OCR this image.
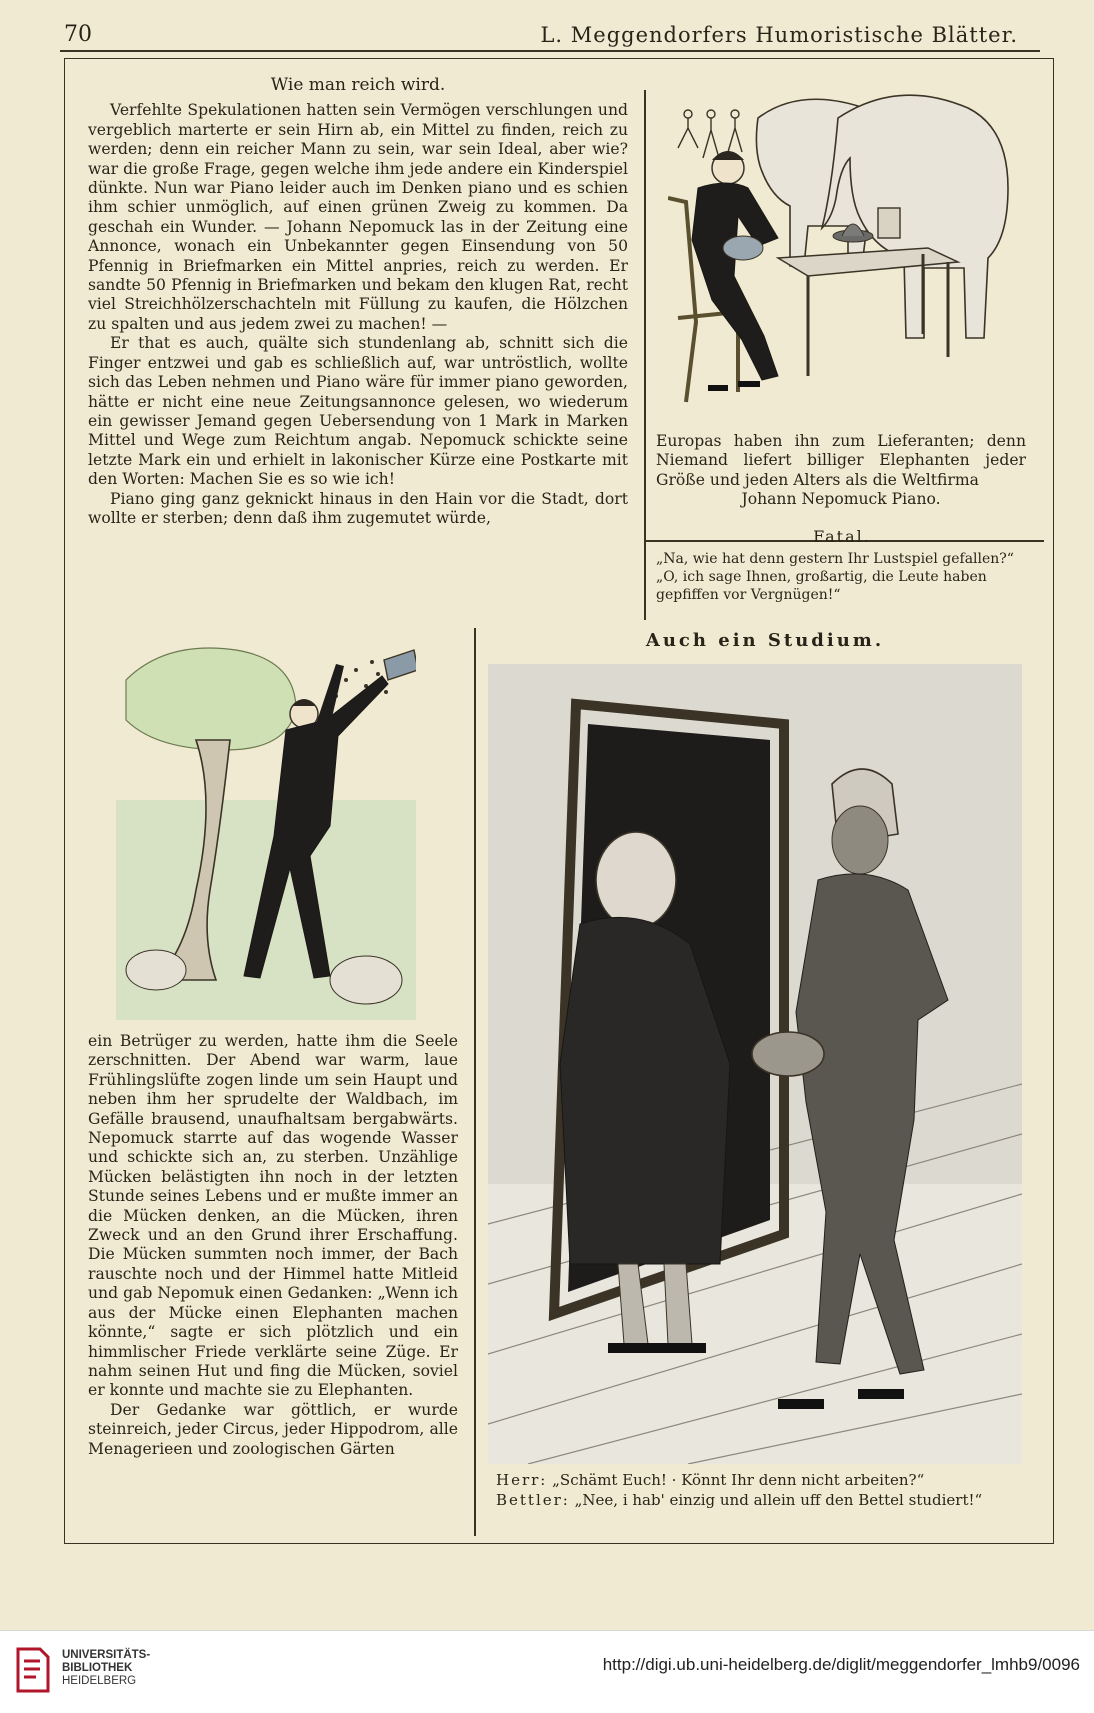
70	L. Meggendorfers Humoristische Blätter.
Wie man reich wird.

Verfehlte Spekulationen hatten sein Vermögen verschlungen und vergeblich marterte er sein Hirn ab, ein Mittel zu finden, reich zu werden; denn ein reicher Mann zu sein, war sein Ideal, aber wie? war die große Frage, gegen welche ihm jede andere ein Kinderspiel dünkte. Nun war Piano leider auch im Denken piano und es schien ihm schier unmöglich, auf einen grünen Zweig zu kommen. Da geschah ein Wunder. — Johann Nepomuck las in der Zeitung eine Annonce, wonach ein Unbekannter gegen Einsendung von 50 Pfennig in Briefmarken ein Mittel anpries, reich zu werden. Er sandte 50 Pfennig in Briefmarken und bekam den klugen Rat, recht viel Streichhölzerschachteln mit Füllung zu kaufen, die Hölzchen zu spalten und aus jedem zwei zu machen! —

Er that es auch, quälte sich stundenlang ab, schnitt sich die Finger entzwei und gab es schließlich auf, war untröstlich, wollte sich das Leben nehmen und Piano wäre für immer piano geworden, hätte er nicht eine neue Zeitungsannonce gelesen, wo wiederum ein gewisser Jemand gegen Uebersendung von 1 Mark in Marken Mittel und Wege zum Reichtum angab. Nepomuck schickte seine letzte Mark ein und erhielt in lakonischer Kürze eine Postkarte mit den Worten: Machen Sie es so wie ich!

Piano ging ganz geknickt hinaus in den Hain vor die Stadt, dort wollte er sterben; denn daß ihm zugemutet würde,

Europas haben ihn zum Lieferanten; denn Niemand liefert billiger Elephanten jeder Größe und jeden Alters als die Weltfirma

Johann Nepomuck Piano.
Fatal.
„Na, wie hat denn gestern Ihr Lustspiel gefallen?“
„O, ich sage Ihnen, großartig, die Leute haben gepfiffen vor Vergnügen!“
Auch ein Studium.

ein Betrüger zu werden, hatte ihm die Seele zerschnitten. Der Abend war warm, laue Frühlingslüfte zogen linde um sein Haupt und neben ihm her sprudelte der Waldbach, im Gefälle brausend, unaufhaltsam bergabwärts. Nepomuck starrte auf das wogende Wasser und schickte sich an, zu sterben. Unzählige Mücken belästigten ihn noch in der letzten Stunde seines Lebens und er mußte immer an die Mücken denken, an die Mücken, ihren Zweck und an den Grund ihrer Erschaffung. Die Mücken summten noch immer, der Bach rauschte noch und der Himmel hatte Mitleid und gab Nepomuk einen Gedanken: „Wenn ich aus der Mücke einen Elephanten machen könnte,“ sagte er sich plötzlich und ein himmlischer Friede verklärte seine Züge. Er nahm seinen Hut und fing die Mücken, soviel er konnte und machte sie zu Elephanten.

Der Gedanke war göttlich, er wurde steinreich, jeder Circus, jeder Hippodrom, alle Menagerieen und zoologischen Gärten

Herr: „Schämt Euch! · Könnt Ihr denn nicht arbeiten?“
Bettler: „Nee, i hab' einzig und allein uff den Bettel studiert!“
UNIVERSITÄTS-
BIBLIOTHEK
HEIDELBERG
http://digi.ub.uni-heidelberg.de/diglit/meggendorfer_lmhb9/0096
